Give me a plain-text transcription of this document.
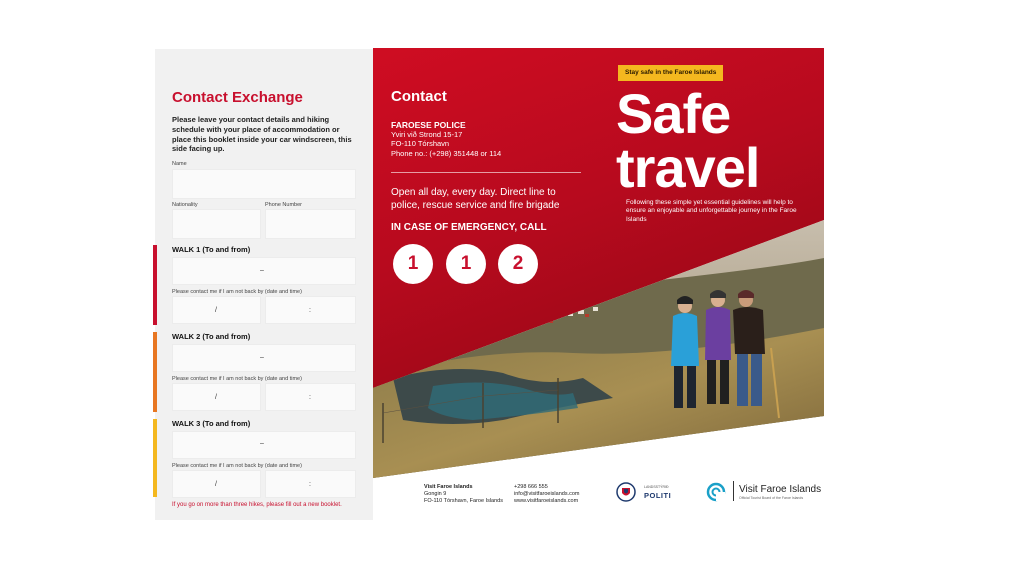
Contact Exchange
Please leave your contact details and hiking schedule with your place of accommodation or place this booklet inside your car windscreen, this side facing up.
Name
Nationality	Phone Number
WALK 1 (To and from)
–
Please contact me if I am not back by (date and time)
/	:
WALK 2 (To and from)
–
Please contact me if I am not back by (date and time)
/	:
WALK 3 (To and from)
–
Please contact me if I am not back by (date and time)
/	:
If you go on more than three hikes, please fill out a new booklet.
Contact
FAROESE POLICE
Yviri við Strond 15-17
FO-110 Tórshavn
Phone no.: (+298) 351448 or 114
Open all day, every day. Direct line to police, rescue service and fire brigade
IN CASE OF EMERGENCY, CALL
1	1	2
Stay safe in the Faroe Islands
Safe
travel
Following these simple yet essential guidelines will help to ensure an enjoyable and unforgettable journey in the Faroe Islands
Visit Faroe Islands
Gongin 9
FO-110 Tórshavn, Faroe Islands
+298 666 555
info@visitfaroeislands.com
www.visitfaroeislands.com
LANDSSTÝRIÐ
POLITI
Visit Faroe Islands
Official Tourist Board of the Faroe Islands
